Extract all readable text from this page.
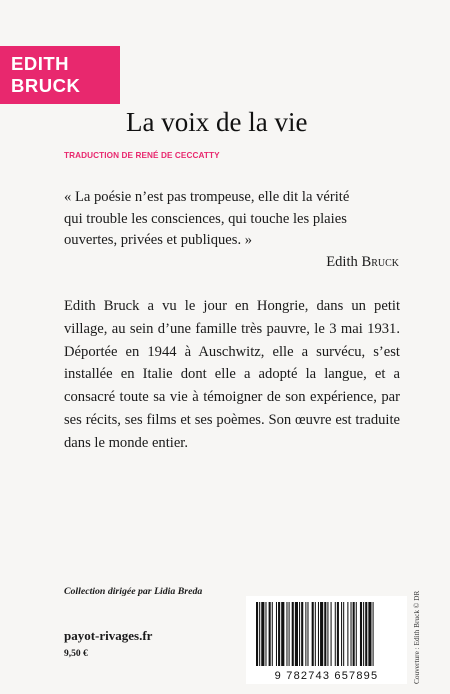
EDITH
BRUCK
La voix de la vie
TRADUCTION DE RENÉ DE CECCATTY

« La poésie n’est pas trompeuse, elle dit la vérité
qui trouble les consciences, qui touche les plaies
ouvertes, privées et publiques. »

Edith Bruck

Edith Bruck a vu le jour en Hongrie, dans un petit village, au sein d’une famille très pauvre, le 3 mai 1931. Déportée en 1944 à Auschwitz, elle a survécu, s’est installée en Italie dont elle a adopté la langue, et a consacré toute sa vie à témoigner de son expérience, par ses récits, ses films et ses poèmes. Son œuvre est traduite dans le monde entier.

Collection dirigée par Lidia Breda
payot-rivages.fr
9,50 €
9 782743 657895	Couverture : Edith Bruck © DR
